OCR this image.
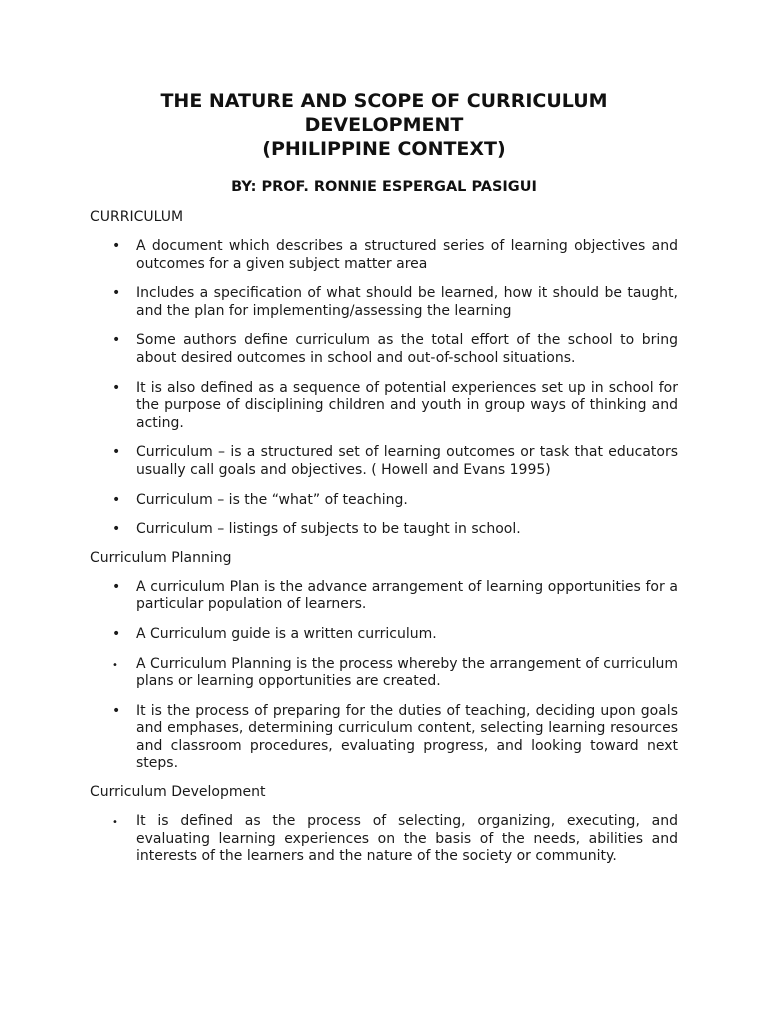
THE NATURE AND SCOPE OF CURRICULUM
DEVELOPMENT
(PHILIPPINE CONTEXT)

BY: PROF. RONNIE ESPERGAL PASIGUI

CURRICULUM

• A document which describes a structured series of learning objectives and outcomes for a given subject matter area
• Includes a specification of what should be learned, how it should be taught, and the plan for implementing/assessing the learning
• Some authors define curriculum as the total effort of the school to bring about desired outcomes in school and out-of-school situations.
• It is also defined as a sequence of potential experiences set up in school for the purpose of disciplining children and youth in group ways of thinking and acting.
• Curriculum – is a structured set of learning outcomes or task that educators usually call goals and objectives. ( Howell and Evans 1995)
• Curriculum – is the “what” of teaching.
• Curriculum – listings of subjects to be taught in school.

Curriculum Planning

• A curriculum Plan is the advance arrangement of learning opportunities for a particular population of learners.
• A Curriculum guide is a written curriculum.
• A Curriculum Planning is the process whereby the arrangement of curriculum plans or learning opportunities are created.
• It is the process of preparing for the duties of teaching, deciding upon goals and emphases, determining curriculum content, selecting learning resources and classroom procedures, evaluating progress, and looking toward next steps.

Curriculum Development

• It is defined as the process of selecting, organizing, executing, and evaluating learning experiences on the basis of the needs, abilities and interests of the learners and the nature of the society or community.
